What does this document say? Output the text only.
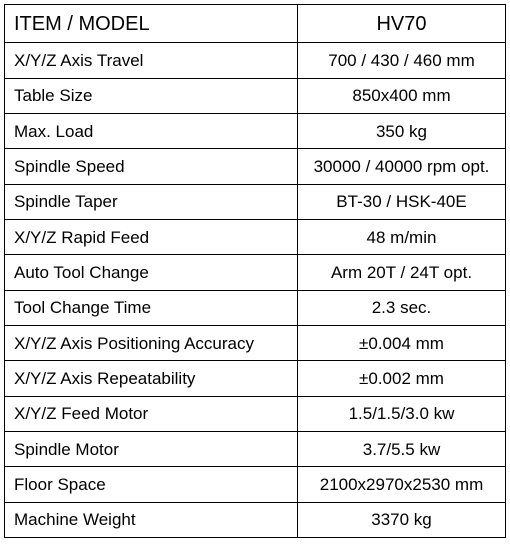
ITEM / MODEL	HV70
X/Y/Z Axis Travel	700 / 430 / 460 mm
Table Size	850x400 mm
Max. Load	350 kg
Spindle Speed	30000 / 40000 rpm opt.
Spindle Taper	BT-30 / HSK-40E
X/Y/Z Rapid Feed	48 m/min
Auto Tool Change	Arm 20T / 24T opt.
Tool Change Time	2.3 sec.
X/Y/Z Axis Positioning Accuracy	±0.004 mm
X/Y/Z Axis Repeatability	±0.002 mm
X/Y/Z Feed Motor	1.5/1.5/3.0 kw
Spindle Motor	3.7/5.5 kw
Floor Space	2100x2970x2530 mm
Machine Weight	3370 kg
